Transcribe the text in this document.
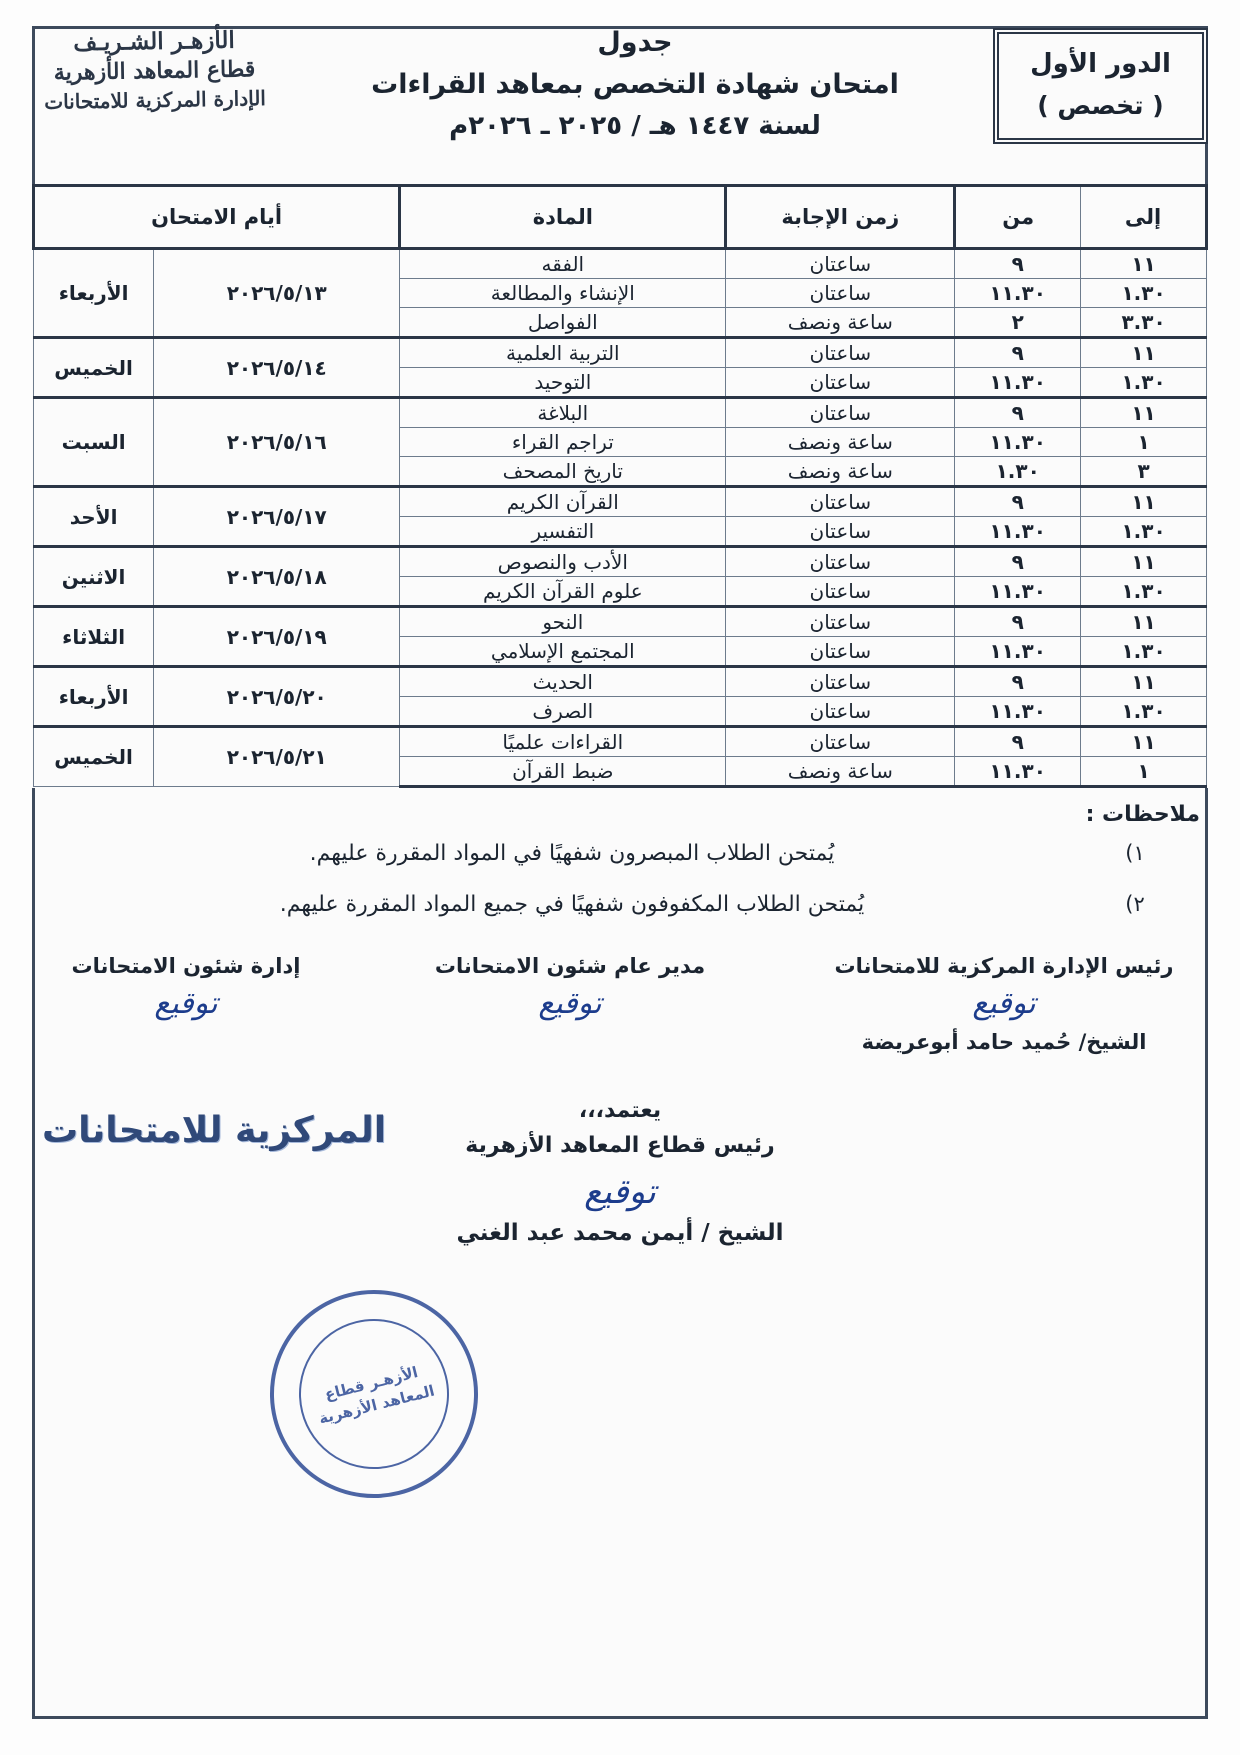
الدور الأول
( تخصص )
جدول
امتحان شهادة التخصص بمعاهد القراءات
لسنة ١٤٤٧ هـ / ٢٠٢٥ ـ ٢٠٢٦م
الأزهـر الشـريـف
قطاع المعاهد الأزهرية
الإدارة المركزية للامتحانات
إلى	من	زمن الإجابة	المادة	أيام الامتحان	
١١	٩	ساعتان	الفقه	٢٠٢٦/٥/١٣	الأربعاء
١.٣٠	١١.٣٠	ساعتان	الإنشاء والمطالعة		
٣.٣٠	٢	ساعة ونصف	الفواصل		
١١	٩	ساعتان	التربية العلمية	٢٠٢٦/٥/١٤	الخميس
١.٣٠	١١.٣٠	ساعتان	التوحيد		
١١	٩	ساعتان	البلاغة	٢٠٢٦/٥/١٦	السبت
١	١١.٣٠	ساعة ونصف	تراجم القراء		
٣	١.٣٠	ساعة ونصف	تاريخ المصحف		
١١	٩	ساعتان	القرآن الكريم	٢٠٢٦/٥/١٧	الأحد
١.٣٠	١١.٣٠	ساعتان	التفسير		
١١	٩	ساعتان	الأدب والنصوص	٢٠٢٦/٥/١٨	الاثنين
١.٣٠	١١.٣٠	ساعتان	علوم القرآن الكريم		
١١	٩	ساعتان	النحو	٢٠٢٦/٥/١٩	الثلاثاء
١.٣٠	١١.٣٠	ساعتان	المجتمع الإسلامي		
١١	٩	ساعتان	الحديث	٢٠٢٦/٥/٢٠	الأربعاء
١.٣٠	١١.٣٠	ساعتان	الصرف		
١١	٩	ساعتان	القراءات علميًا	٢٠٢٦/٥/٢١	الخميس
١	١١.٣٠	ساعة ونصف	ضبط القرآن		
ملاحظات :
١)
يُمتحن الطلاب المبصرون شفهيًا في المواد المقررة عليهم.
٢)
يُمتحن الطلاب المكفوفون شفهيًا في جميع المواد المقررة عليهم.
رئيس الإدارة المركزية للامتحانات
توقيع
الشيخ/ حُميد حامد أبوعريضة
مدير عام شئون الامتحانات
توقيع
إدارة شئون الامتحانات
توقيع
يعتمد،،،
رئيس قطاع المعاهد الأزهرية
توقيع
الشيخ / أيمن محمد عبد الغني
المركزية للامتحانات
الأزهـر قطاع المعاهد الأزهرية
